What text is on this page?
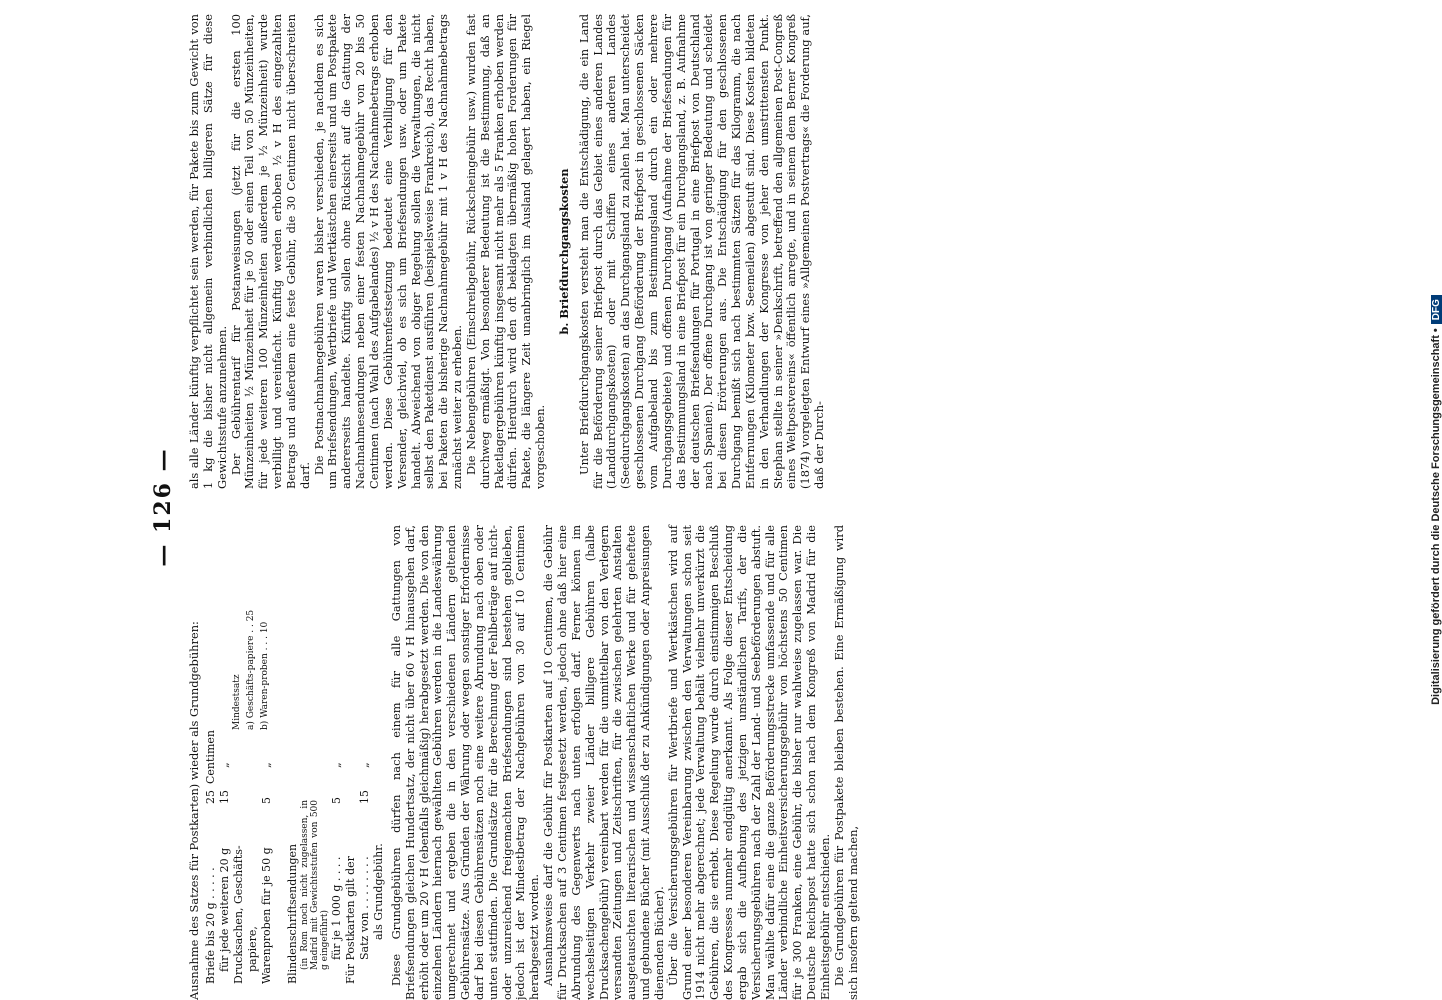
— 126 —

Ausnahme des Satzes für Postkarten) wieder als Grundgebühren: Briefe bis 20 g . . . . .
25
Centimen
für jede weiteren 20 g
15
„
Drucksachen, Geschäfts-
Mindestsatz
papiere,
a) Geschäfts-papiere . . 25
Warenproben für je 50 g
5
„
b) Waren-proben . . . 10
Blindenschriftsendungen (in Rom noch nicht zugelassen, in Madrid mit Gewichtsstufen von 500 g eingeführt) für je 1 000 g . . . .
5
„
Für Postkarten gilt der Satz von . . . . . . . .
15
„
als Grundgebühr. Diese Grundgebühren dürfen nach einem für alle Gattungen von Briefsendungen gleichen Hundertsatz, der nicht über 60 v H hinausgehen darf, erhöht oder um 20 v H (ebenfalls gleichmäßig) herabgesetzt werden. Die von den einzelnen Ländern hiernach gewählten Gebühren werden in die Landeswährung umgerechnet und ergeben die in den verschiedenen Ländern geltenden Gebührensätze. Aus Gründen der Währung oder wegen sonstiger Erfordernisse darf bei diesen Gebührensätzen noch eine weitere Abrundung nach oben oder unten stattfinden. Die Grundsätze für die Berechnung der Fehlbeträge auf nicht- oder unzureichend freigemachten Briefsendungen sind bestehen geblieben, jedoch ist der Mindestbetrag der Nachgebühren von 30 auf 10 Centimen herabgesetzt worden. Ausnahmsweise darf die Gebühr für Postkarten auf 10 Centimen, die Gebühr für Drucksachen auf 3 Centimen festgesetzt werden, jedoch ohne daß hier eine Abrundung des Gegenwerts nach unten erfolgen darf. Ferner können im wechselseitigen Verkehr zweier Länder billigere Gebühren (halbe Drucksachengebühr) vereinbart werden für die unmittelbar von den Verlegern versandten Zeitungen und Zeitschriften, für die zwischen gelehrten Anstalten ausgetauschten literarischen und wissenschaftlichen Werke und für geheftete und gebundene Bücher (mit Ausschluß der zu Ankündigungen oder Anpreisungen dienenden Bücher). Über die Versicherungsgebühren für Wertbriefe und Wertkästchen wird auf Grund einer besonderen Vereinbarung zwischen den Verwaltungen schon seit 1914 nicht mehr abgerechnet; jede Verwaltung behält vielmehr unverkürzt die Gebühren, die sie erhebt. Diese Regelung wurde durch einstimmigen Beschluß des Kongresses nunmehr endgültig anerkannt. Als Folge dieser Entscheidung ergab sich die Aufhebung des jetzigen umständlichen Tarifs, der die Versicherungsgebühren nach der Zahl der Land- und Seebeförderungen abstuft. Man wählte dafür eine die ganze Beförderungsstrecke umfassende und für alle Länder verbindliche Einheitsversicherungsgebühr von höchstens 50 Centimen für je 300 Franken, eine Gebühr, die bisher nur wahlweise zugelassen war. Die Deutsche Reichspost hatte sich schon nach dem Kongreß von Madrid für die Einheitsgebühr entschieden. Die Grundgebühren für Postpakete bleiben bestehen. Eine Ermäßigung wird sich insofern geltend machen,

als alle Länder künftig verpflichtet sein werden, für Pakete bis zum Gewicht von 1 kg die bisher nicht allgemein verbindlichen billigeren Sätze für diese Gewichtsstufe anzunehmen. Der Gebührentarif für Postanweisungen (jetzt für die ersten 100 Münzeinheiten ½ Münzeinheit für je 50 oder einen Teil von 50 Münzeinheiten, für jede weiteren 100 Münzeinheiten außerdem je ½ Münzeinheit) wurde verbilligt und vereinfacht. Künftig werden erhoben ½ v H des eingezahlten Betrags und außerdem eine feste Gebühr, die 30 Centimen nicht überschreiten darf.

Die Postnachnahmegebühren waren bisher verschieden, je nachdem es sich um Briefsendungen, Wertbriefe und Wertkästchen einerseits und um Postpakete andererseits handelte. Künftig sollen ohne Rücksicht auf die Gattung der Nachnahmesendungen neben einer festen Nachnahmegebühr von 20 bis 50 Centimen (nach Wahl des Aufgabelandes) ½ v H des Nachnahmebetrags erhoben werden. Diese Gebührenfestsetzung bedeutet eine Verbilligung für den Versender, gleichviel, ob es sich um Briefsendungen usw. oder um Pakete handelt. Abweichend von obiger Regelung sollen die Verwaltungen, die nicht selbst den Paketdienst ausführen (beispielsweise Frankreich), das Recht haben, bei Paketen die bisherige Nachnahmegebühr mit 1 v H des Nachnahmebetrags zunächst weiter zu erheben. Die Nebengebühren (Einschreibgebühr, Rückscheingebühr usw.) wurden fast durchweg ermäßigt. Von besonderer Bedeutung ist die Bestimmung, daß an Paketlagergebühren künftig insgesamt nicht mehr als 5 Franken erhoben werden dürfen. Hierdurch wird den oft beklagten übermäßig hohen Forderungen für Pakete, die längere Zeit unanbringlich im Ausland gelagert haben, ein Riegel vorgeschoben.

b. Briefdurchgangskosten Unter Briefdurchgangskosten versteht man die Entschädigung, die ein Land für die Beförderung seiner Briefpost durch das Gebiet eines anderen Landes (Landdurchgangskosten) oder mit Schiffen eines anderen Landes (Seedurchgangskosten) an das Durchgangsland zu zahlen hat. Man unterscheidet geschlossenen Durchgang (Beförderung der Briefpost in geschlossenen Säcken vom Aufgabeland bis zum Bestimmungsland durch ein oder mehrere Durchgangsgebiete) und offenen Durchgang (Aufnahme der Briefsendungen für das Bestimmungsland in eine Briefpost für ein Durchgangsland, z. B. Aufnahme der deutschen Briefsendungen für Portugal in eine Briefpost von Deutschland nach Spanien). Der offene Durchgang ist von geringer Bedeutung und scheidet bei diesen Erörterungen aus. Die Entschädigung für den geschlossenen Durchgang bemißt sich nach bestimmten Sätzen für das Kilogramm, die nach Entfernungen (Kilometer bzw. Seemeilen) abgestuft sind. Diese Kosten bildeten in den Verhandlungen der Kongresse von jeher den umstrittensten Punkt. Stephan stellte in seiner »Denkschrift, betreffend den allgemeinen Post-Congreß eines Weltpostvereins« öffentlich anregte, und in seinem dem Berner Kongreß (1874) vorgelegten Entwurf eines »Allgemeinen Postvertrags« die Forderung auf, daß der Durch-	Digitalisierung gefördert durch die Deutsche Forschungsgemeinschaft •DFG
